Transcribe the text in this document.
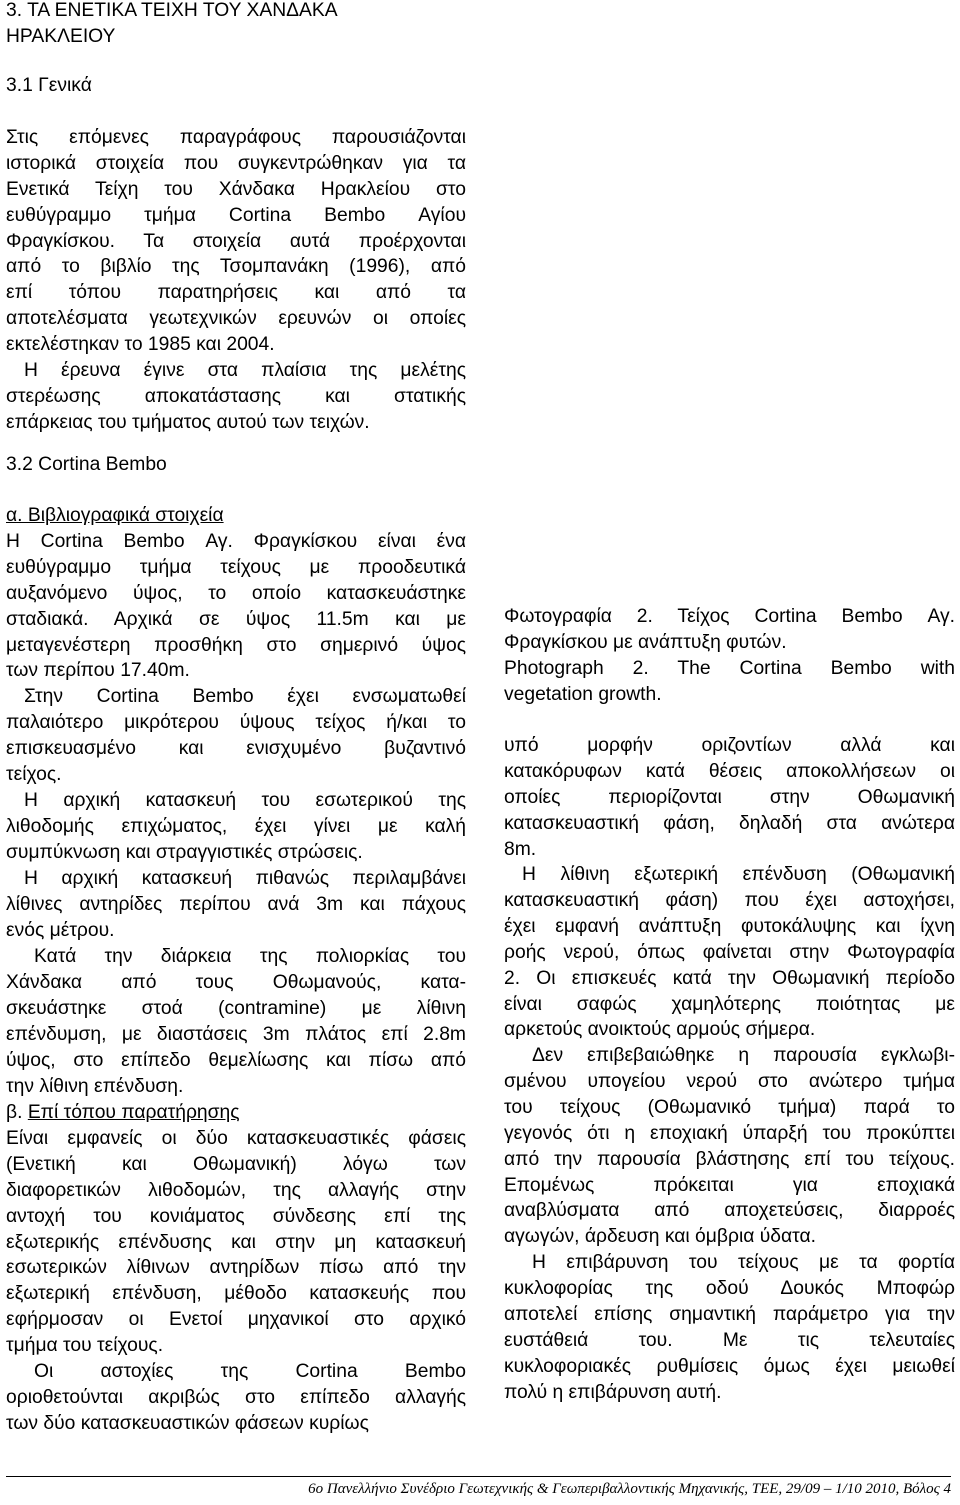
3. ΤΑ ΕΝΕΤΙΚΑ ΤΕΙΧΗ ΤΟΥ ΧΑΝΔΑΚΑ
ΗΡΑΚΛΕΙΟΥ
3.1 Γενικά
Στις επόμενες παραγράφους παρουσιάζονται
ιστορικά στοιχεία που συγκεντρώθηκαν για τα
Ενετικά Τείχη του Χάνδακα Ηρακλείου στο
ευθύγραμμο τμήμα Cortina Bembo Αγίου
Φραγκίσκου. Τα στοιχεία αυτά προέρχονται
από το βιβλίο της Τσομπανάκη (1996), από
επί τόπου παρατηρήσεις και από τα
αποτελέσματα γεωτεχνικών ερευνών οι οποίες
εκτελέστηκαν το 1985 και 2004.
Η έρευνα έγινε στα πλαίσια της μελέτης
στερέωσης αποκατάστασης και στατικής
επάρκειας του τμήματος αυτού των τειχών.
3.2 Cortina Bembo
α. Βιβλιογραφικά στοιχεία
Η Cortina Bembo Αγ. Φραγκίσκου είναι ένα
ευθύγραμμο τμήμα τείχους με προοδευτικά
αυξανόμενο ύψος, το οποίο κατασκευάστηκε
σταδιακά. Αρχικά σε ύψος 11.5m και με
μεταγενέστερη προσθήκη στο σημερινό ύψος
των περίπου 17.40m.
Στην Cortina Bembo έχει ενσωματωθεί
παλαιότερο μικρότερου ύψους τείχος ή/και το
επισκευασμένο και ενισχυμένο βυζαντινό
τείχος.
Η αρχική κατασκευή του εσωτερικού της
λιθοδομής επιχώματος, έχει γίνει με καλή
συμπύκνωση και στραγγιστικές στρώσεις.
Η αρχική κατασκευή πιθανώς περιλαμβάνει
λίθινες αντηρίδες περίπου ανά 3m και πάχους
ενός μέτρου.
Κατά την διάρκεια της πολιορκίας του
Χάνδακα από τους Οθωμανούς, κατα-
σκευάστηκε στοά (contramine) με λίθινη
επένδυμση, με διαστάσεις 3m πλάτος επί 2.8m
ύψος, στο επίπεδο θεμελίωσης και πίσω από
την λίθινη επένδυση.
β. Επί τόπου παρατήρησης
Είναι εμφανείς οι δύο κατασκευαστικές φάσεις
(Ενετική και Οθωμανική) λόγω των
διαφορετικών λιθοδομών, της αλλαγής στην
αντοχή του κονιάματος σύνδεσης επί της
εξωτερικής επένδυσης και στην μη κατασκευή
εσωτερικών λίθινων αντηρίδων πίσω από την
εξωτερική επένδυση, μέθοδο κατασκευής που
εφήρμοσαν οι Ενετοί μηχανικοί στο αρχικό
τμήμα του τείχους.
Οι αστοχίες της Cortina Bembo
οριοθετούνται ακριβώς στο επίπεδο αλλαγής
των δύο κατασκευαστικών φάσεων κυρίως
Φωτογραφία 2. Τείχος Cortina Bembo Αγ.
Φραγκίσκου με ανάπτυξη φυτών.
Photograph 2. The Cortina Bembo with
vegetation growth.
υπό μορφήν οριζοντίων αλλά και
κατακόρυφων κατά θέσεις αποκολλήσεων οι
οποίες περιορίζονται στην Οθωμανική
κατασκευαστική φάση, δηλαδή στα ανώτερα
8m.
Η λίθινη εξωτερική επένδυση (Οθωμανική
κατασκευαστική φάση) που έχει αστοχήσει,
έχει εμφανή ανάπτυξη φυτοκάλυψης και ίχνη
ροής νερού, όπως φαίνεται στην Φωτογραφία
2. Οι επισκευές κατά την Οθωμανική περίοδο
είναι σαφώς χαμηλότερης ποιότητας με
αρκετούς ανοικτούς αρμούς σήμερα.
Δεν επιβεβαιώθηκε η παρουσία εγκλωβι-
σμένου υπογείου νερού στο ανώτερο τμήμα
του τείχους (Οθωμανικό τμήμα) παρά το
γεγονός ότι η εποχιακή ύπαρξή του προκύπτει
από την παρουσία βλάστησης επί του τείχους.
Επομένως πρόκειται για εποχιακά
αναβλύσματα από αποχετεύσεις, διαρροές
αγωγών, άρδευση και όμβρια ύδατα.
Η επιβάρυνση του τείχους με τα φορτία
κυκλοφορίας της οδού Δουκός Μποφώρ
αποτελεί επίσης σημαντική παράμετρο για την
ευστάθειά του. Με τις τελευταίες
κυκλοφοριακές ρυθμίσεις όμως έχει μειωθεί
πολύ η επιβάρυνση αυτή.
6ο Πανελλήνιο Συνέδριο Γεωτεχνικής & Γεωπεριβαλλοντικής Μηχανικής, ΤΕΕ, 29/09 – 1/10 2010, Βόλος 4
